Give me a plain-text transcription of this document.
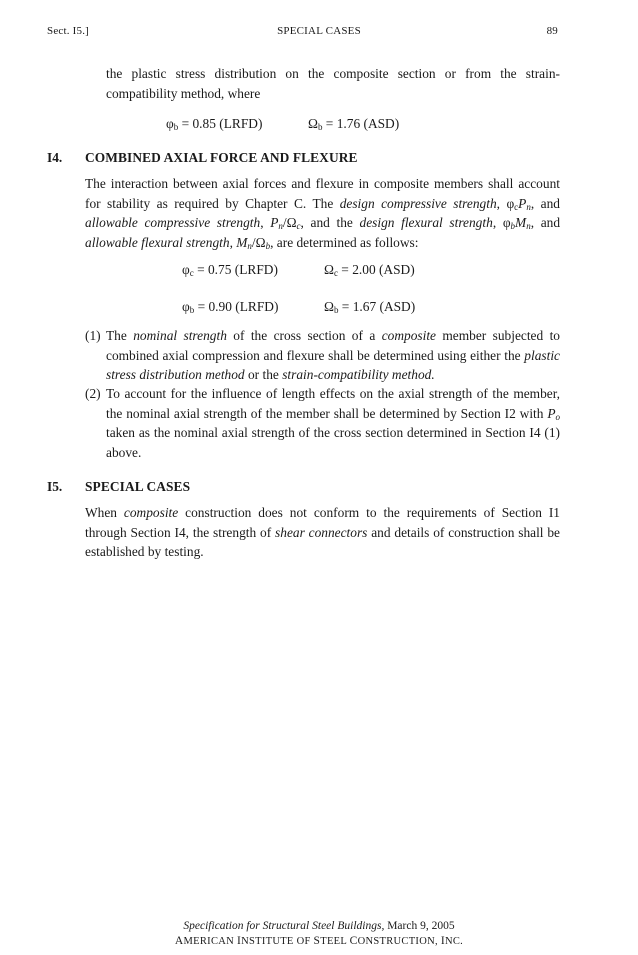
Sect. I5.]	SPECIAL CASES	89
the plastic stress distribution on the composite section or from the strain-compatibility method, where
$\varphi_b = 0.85$ (LRFD)	$\Omega_b = 1.76$ (ASD)
I4. COMBINED AXIAL FORCE AND FLEXURE
The interaction between axial forces and flexure in composite members shall account for stability as required by Chapter C. The design compressive strength, $\varphi_cP_n$, and allowable compressive strength, $P_n/\Omega_c$, and the design flexural strength, $\varphi_bM_n$, and allowable flexural strength, $M_n/\Omega_b$, are determined as follows:
$\varphi_c = 0.75$ (LRFD)	$\Omega_c = 2.00$ (ASD)
$\varphi_b = 0.90$ (LRFD)	$\Omega_b = 1.67$ (ASD)
(1) The nominal strength of the cross section of a composite member subjected to combined axial compression and flexure shall be determined using either the plastic stress distribution method or the strain-compatibility method.
(2) To account for the influence of length effects on the axial strength of the member, the nominal axial strength of the member shall be determined by Section I2 with $P_o$ taken as the nominal axial strength of the cross section determined in Section I4 (1) above.
I5. SPECIAL CASES
When composite construction does not conform to the requirements of Section I1 through Section I4, the strength of shear connectors and details of construction shall be established by testing.
Specification for Structural Steel Buildings, March 9, 2005
AMERICAN INSTITUTE OF STEEL CONSTRUCTION, INC.
